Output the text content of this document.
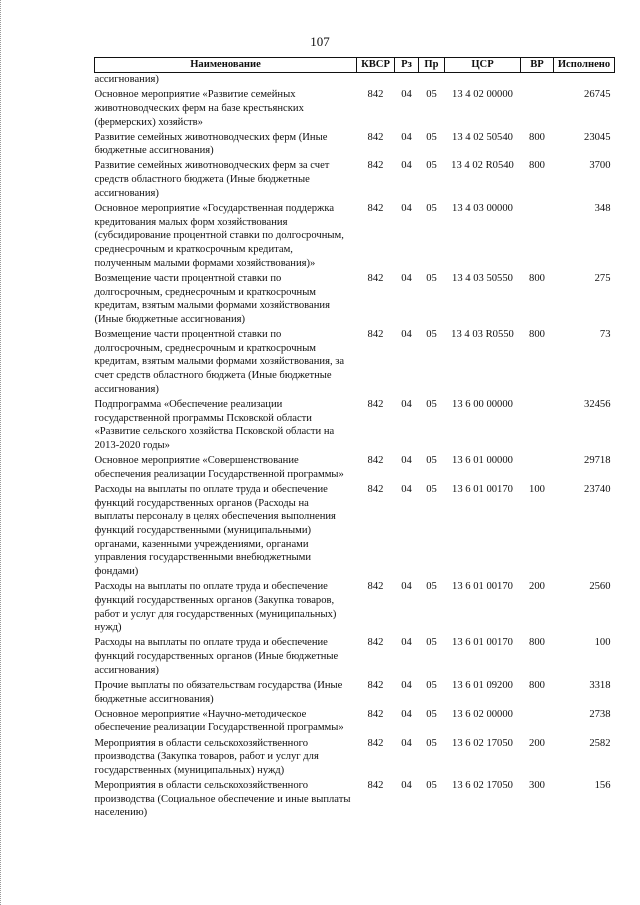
107
Наименование	КВСР	Рз	Пр	ЦСР	ВР	Исполнено
ассигнования)						
Основное мероприятие «Развитие семейных животноводческих ферм на базе крестьянских (фермерских) хозяйств»	842	04	05	13 4 02 00000		26745
Развитие семейных животноводческих ферм (Иные бюджетные ассигнования)	842	04	05	13 4 02 50540	800	23045
Развитие семейных животноводческих ферм за счет средств областного бюджета (Иные бюджетные ассигнования)	842	04	05	13 4 02 R0540	800	3700
Основное мероприятие «Государственная поддержка кредитования малых форм хозяйствования (субсидирование процентной ставки по долгосрочным, среднесрочным и краткосрочным кредитам, полученным малыми формами хозяйствования)»	842	04	05	13 4 03 00000		348
Возмещение части процентной ставки по долгосрочным, среднесрочным и краткосрочным кредитам, взятым малыми формами хозяйствования (Иные бюджетные ассигнования)	842	04	05	13 4 03 50550	800	275
Возмещение части процентной ставки по долгосрочным, среднесрочным и краткосрочным кредитам, взятым малыми формами хозяйствования, за счет средств областного бюджета (Иные бюджетные ассигнования)	842	04	05	13 4 03 R0550	800	73
Подпрограмма «Обеспечение реализации государственной программы Псковской области «Развитие сельского хозяйства Псковской области на 2013-2020 годы»	842	04	05	13 6 00 00000		32456
Основное мероприятие «Совершенствование обеспечения реализации Государственной программы»	842	04	05	13 6 01 00000		29718
Расходы на выплаты по оплате труда и обеспечение функций государственных органов (Расходы на выплаты персоналу в целях обеспечения выполнения функций государственными (муниципальными) органами, казенными учреждениями, органами управления государственными внебюджетными фондами)	842	04	05	13 6 01 00170	100	23740
Расходы на выплаты по оплате труда и обеспечение функций государственных органов (Закупка товаров, работ и услуг для государственных (муниципальных) нужд)	842	04	05	13 6 01 00170	200	2560
Расходы на выплаты по оплате труда и обеспечение функций государственных органов (Иные бюджетные ассигнования)	842	04	05	13 6 01 00170	800	100
Прочие выплаты по обязательствам государства (Иные бюджетные ассигнования)	842	04	05	13 6 01 09200	800	3318
Основное мероприятие «Научно-методическое обеспечение реализации Государственной программы»	842	04	05	13 6 02 00000		2738
Мероприятия в области сельскохозяйственного производства (Закупка товаров, работ и услуг для государственных (муниципальных) нужд)	842	04	05	13 6 02 17050	200	2582
Мероприятия в области сельскохозяйственного производства (Социальное обеспечение и иные выплаты населению)	842	04	05	13 6 02 17050	300	156
